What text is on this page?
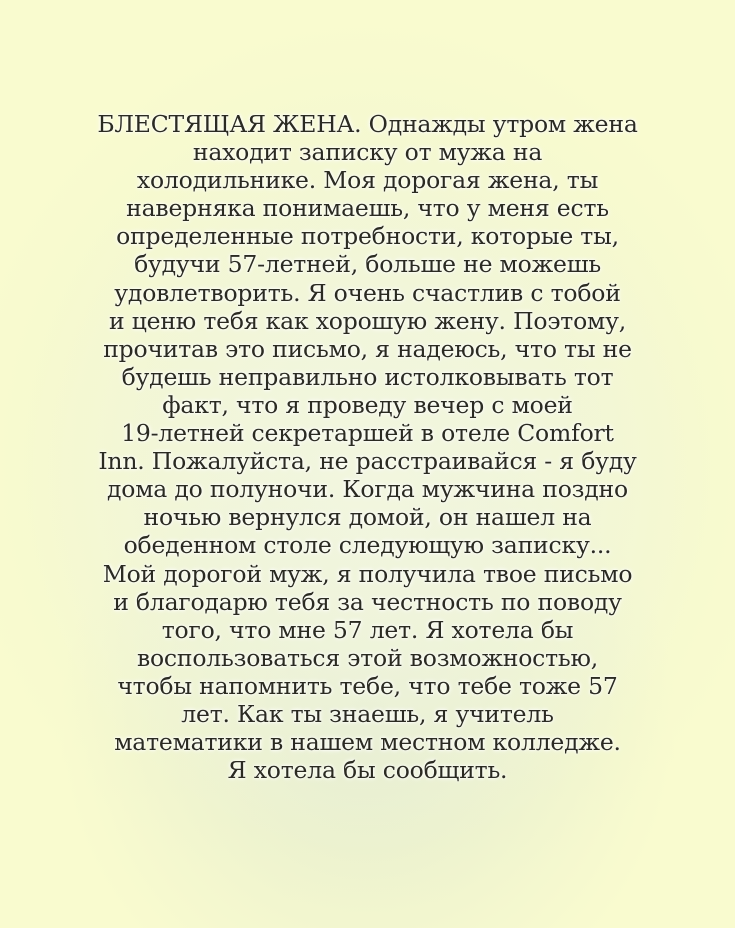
БЛЕСТЯЩАЯ ЖЕНА. Однажды утром жена
находит записку от мужа на
холодильнике. Моя дорогая жена, ты
наверняка понимаешь, что у меня есть
определенные потребности, которые ты,
будучи 57-летней, больше не можешь
удовлетворить. Я очень счастлив с тобой
и ценю тебя как хорошую жену. Поэтому,
прочитав это письмо, я надеюсь, что ты не
будешь неправильно истолковывать тот
факт, что я проведу вечер с моей
19-летней секретаршей в отеле Comfort
Inn. Пожалуйста, не расстраивайся - я буду
дома до полуночи. Когда мужчина поздно
ночью вернулся домой, он нашел на
обеденном столе следующую записку...
Мой дорогой муж, я получила твое письмо
и благодарю тебя за честность по поводу
того, что мне 57 лет. Я хотела бы
воспользоваться этой возможностью,
чтобы напомнить тебе, что тебе тоже 57
лет. Как ты знаешь, я учитель
математики в нашем местном колледже.
Я хотела бы сообщить.
